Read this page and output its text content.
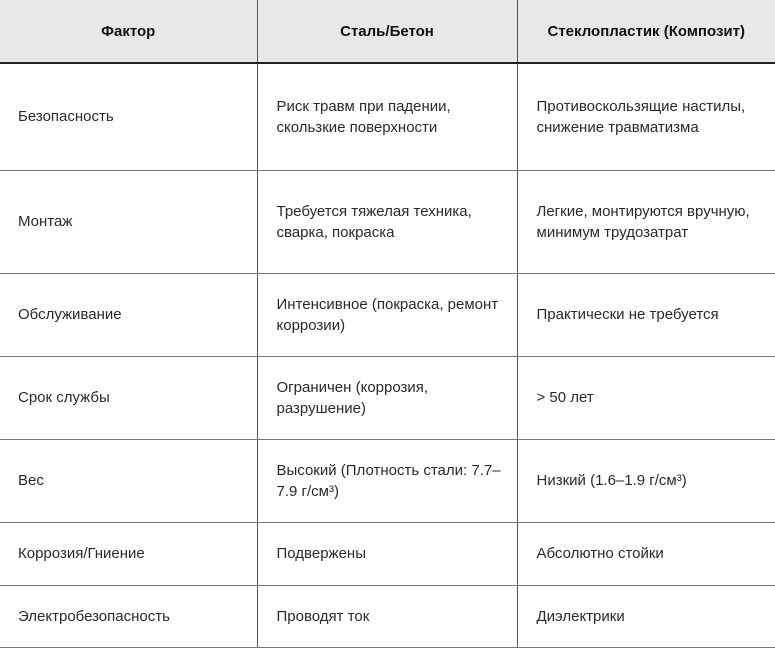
Фактор	Сталь/Бетон	Стеклопластик (Композит)
Безопасность	Риск травм при падении, скользкие поверхности	Противоскользящие настилы, снижение травматизма
Монтаж	Требуется тяжелая техника, сварка, покраска	Легкие, монтируются вручную, минимум трудозатрат
Обслуживание	Интенсивное (покраска, ремонт коррозии)	Практически не требуется
Срок службы	Ограничен (коррозия, разрушение)	> 50 лет
Вес	Высокий (Плотность стали: 7.7–7.9 г/см³)	Низкий (1.6–1.9 г/см³)
Коррозия/Гниение	Подвержены	Абсолютно стойки
Электробезопасность	Проводят ток	Диэлектрики
